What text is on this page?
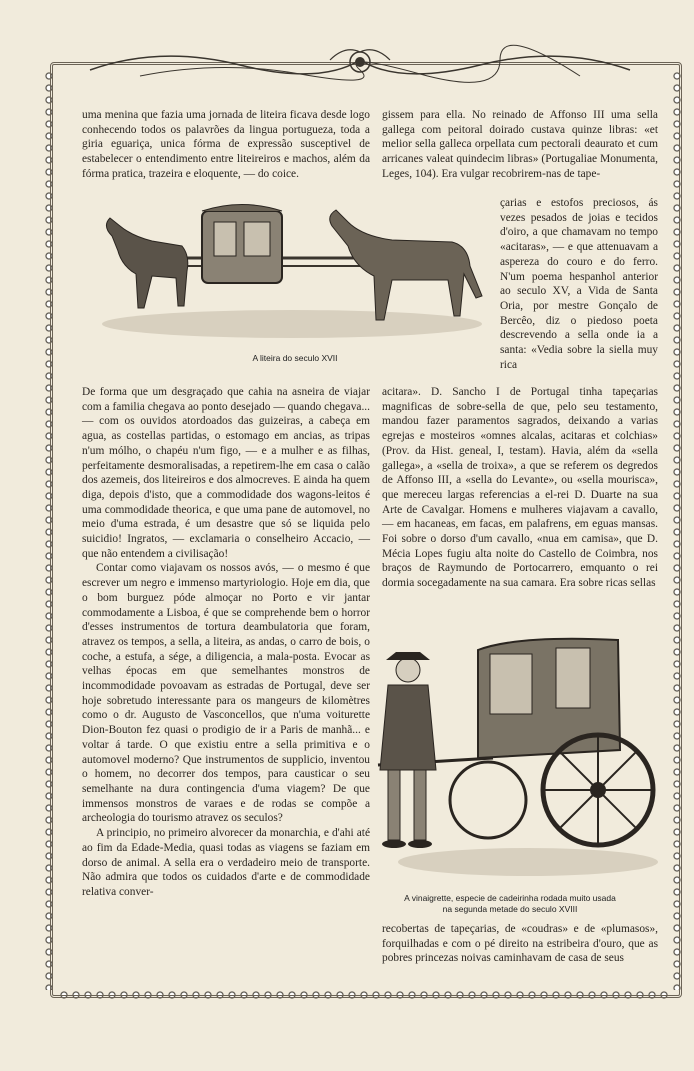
uma menina que fazia uma jornada de liteira ficava desde logo conhecendo todos os palavrões da lingua portugueza, toda a giria eguariça, unica fórma de expressão susceptivel de estabelecer o entendimento entre liteireiros e machos, além da fórma pratica, trazeira e eloquente, — do coice.

gissem para ella. No reinado de Affonso III uma sella gallega com peitoral doirado custava quinze libras: «et melior sella galleca orpellata cum pectorali deaurato et cum arricanes valeat quindecim libras» (Portugaliae Monumenta, Leges, 104). Era vulgar recobrirem-nas de tape-

çarias e estofos preciosos, ás vezes pesados de joias e tecidos d'oiro, a que chamavam no tempo «acitaras», — e que attenuavam a aspereza do couro e do ferro. N'um poema hespanhol anterior ao seculo XV, a Vida de Santa Oria, por mestre Gonçalo de Bercêo, diz o piedoso poeta descrevendo a sella onde ia a santa: «Vedia sobre la siella muy rica

A liteira do seculo XVII

De forma que um desgraçado que cahia na asneira de viajar com a familia chegava ao ponto desejado — quando chegava... — com os ouvidos atordoados das guizeiras, a cabeça em agua, as costellas partidas, o estomago em ancias, as tripas n'um mólho, o chapéu n'um figo, — e a mulher e as filhas, perfeitamente desmoralisadas, a repetirem-lhe em casa o calão dos azemeis, dos liteireiros e dos almocreves. E ainda ha quem diga, depois d'isto, que a commodidade dos wagons-leitos é uma commodidade theorica, e que uma pane de automovel, no meio d'uma estrada, é um desastre que só se liquida pelo suicidio! Ingratos, — exclamaria o conselheiro Accacio, — que não entendem a civilisação!

Contar como viajavam os nossos avós, — o mesmo é que escrever um negro e immenso martyriologio. Hoje em dia, que o bom burguez póde almoçar no Porto e vir jantar commodamente a Lisboa, é que se comprehende bem o horror d'esses instrumentos de tortura deambulatoria que foram, atravez os tempos, a sella, a liteira, as andas, o carro de bois, o coche, a estufa, a sége, a diligencia, a mala-posta. Evocar as velhas épocas em que semelhantes monstros de incommodidade povoavam as estradas de Portugal, deve ser hoje sobretudo interessante para os mangeurs de kilomètres como o dr. Augusto de Vasconcellos, que n'uma voiturette Dion-Bouton fez quasi o prodigio de ir a Paris de manhã... e voltar á tarde. O que existiu entre a sella primitiva e o automovel moderno? Que instrumentos de supplicio, inventou o homem, no decorrer dos tempos, para causticar o seu semelhante na dura contingencia d'uma viagem? De que immensos monstros de varaes e de rodas se compõe a archeologia do tourismo atravez os seculos?

A principio, no primeiro alvorecer da monarchia, e d'ahi até ao fim da Edade-Media, quasi todas as viagens se faziam em dorso de animal. A sella era o verdadeiro meio de transporte. Não admira que todos os cuidados d'arte e de commodidade relativa conver-

acitara». D. Sancho I de Portugal tinha tapeçarias magnificas de sobre-sella de que, pelo seu testamento, mandou fazer paramentos sagrados, deixando a varias egrejas e mosteiros «omnes alcalas, acitaras et colchias» (Prov. da Hist. geneal, I, testam). Havia, além da «sella gallega», a «sella de troixa», a que se referem os degredos de Affonso III, a «sella do Levante», ou «sella mourisca», que mereceu largas referencias a el-rei D. Duarte na sua Arte de Cavalgar. Homens e mulheres viajavam a cavallo, — em hacaneas, em facas, em palafrens, em eguas mansas. Foi sobre o dorso d'um cavallo, «nua em camisa», que D. Mécia Lopes fugiu alta noite do Castello de Coimbra, nos braços de Raymundo de Portocarrero, emquanto o rei dormia socegadamente na sua camara. Era sobre ricas sellas

A vinaigrette, especie de cadeirinha rodada muito usada
na segunda metade do seculo XVIII

recobertas de tapeçarias, de «coudras» e de «plumasos», forquilhadas e com o pé direito na estribeira d'ouro, que as pobres princezas noivas caminhavam de casa de seus
